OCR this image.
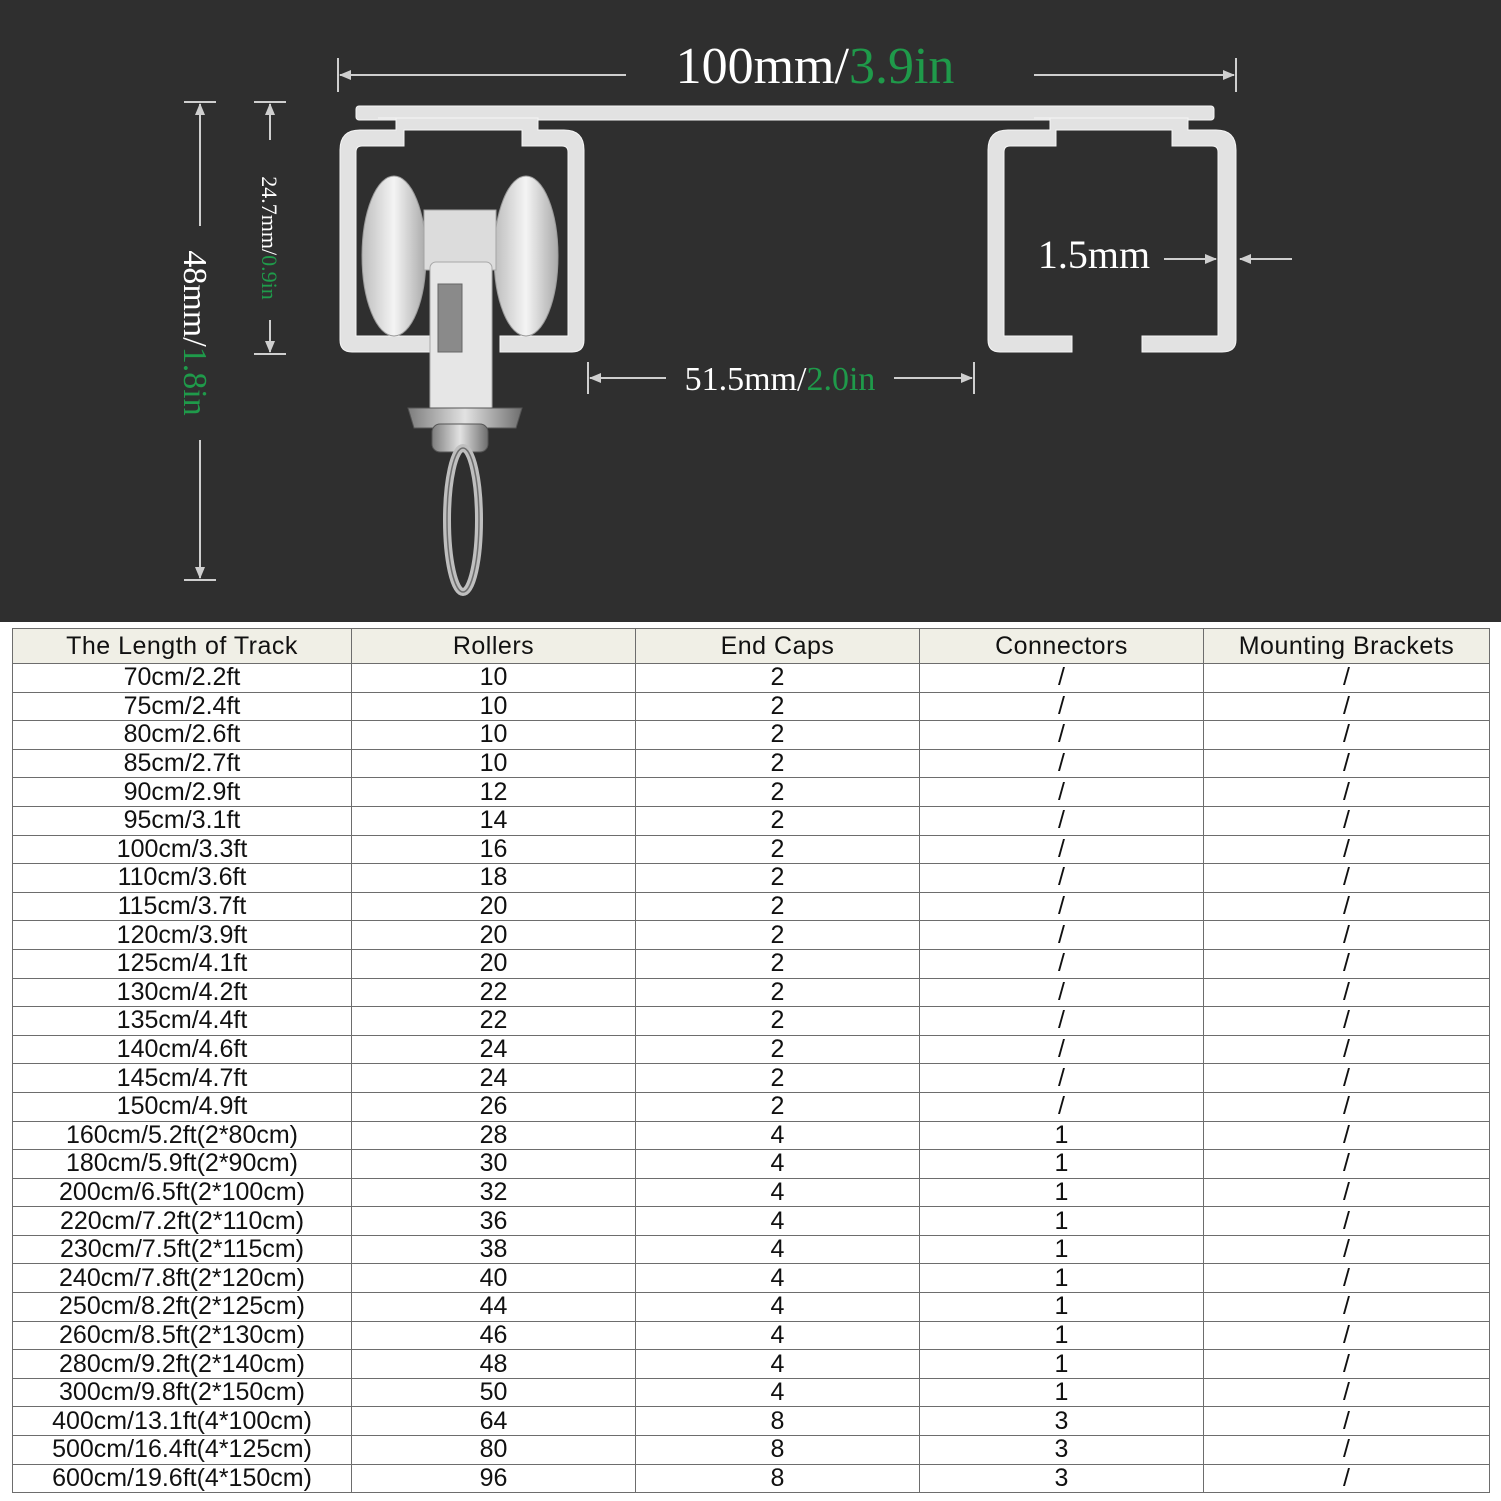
100mm/3.9in
48mm/1.8in
24.7mm/0.9in
51.5mm/2.0in
1.5mm
The Length of Track	Rollers	End Caps	Connectors	Mounting Brackets
70cm/2.2ft	10	2	/	/
75cm/2.4ft	10	2	/	/
80cm/2.6ft	10	2	/	/
85cm/2.7ft	10	2	/	/
90cm/2.9ft	12	2	/	/
95cm/3.1ft	14	2	/	/
100cm/3.3ft	16	2	/	/
110cm/3.6ft	18	2	/	/
115cm/3.7ft	20	2	/	/
120cm/3.9ft	20	2	/	/
125cm/4.1ft	20	2	/	/
130cm/4.2ft	22	2	/	/
135cm/4.4ft	22	2	/	/
140cm/4.6ft	24	2	/	/
145cm/4.7ft	24	2	/	/
150cm/4.9ft	26	2	/	/
160cm/5.2ft(2*80cm)	28	4	1	/
180cm/5.9ft(2*90cm)	30	4	1	/
200cm/6.5ft(2*100cm)	32	4	1	/
220cm/7.2ft(2*110cm)	36	4	1	/
230cm/7.5ft(2*115cm)	38	4	1	/
240cm/7.8ft(2*120cm)	40	4	1	/
250cm/8.2ft(2*125cm)	44	4	1	/
260cm/8.5ft(2*130cm)	46	4	1	/
280cm/9.2ft(2*140cm)	48	4	1	/
300cm/9.8ft(2*150cm)	50	4	1	/
400cm/13.1ft(4*100cm)	64	8	3	/
500cm/16.4ft(4*125cm)	80	8	3	/
600cm/19.6ft(4*150cm)	96	8	3	/
